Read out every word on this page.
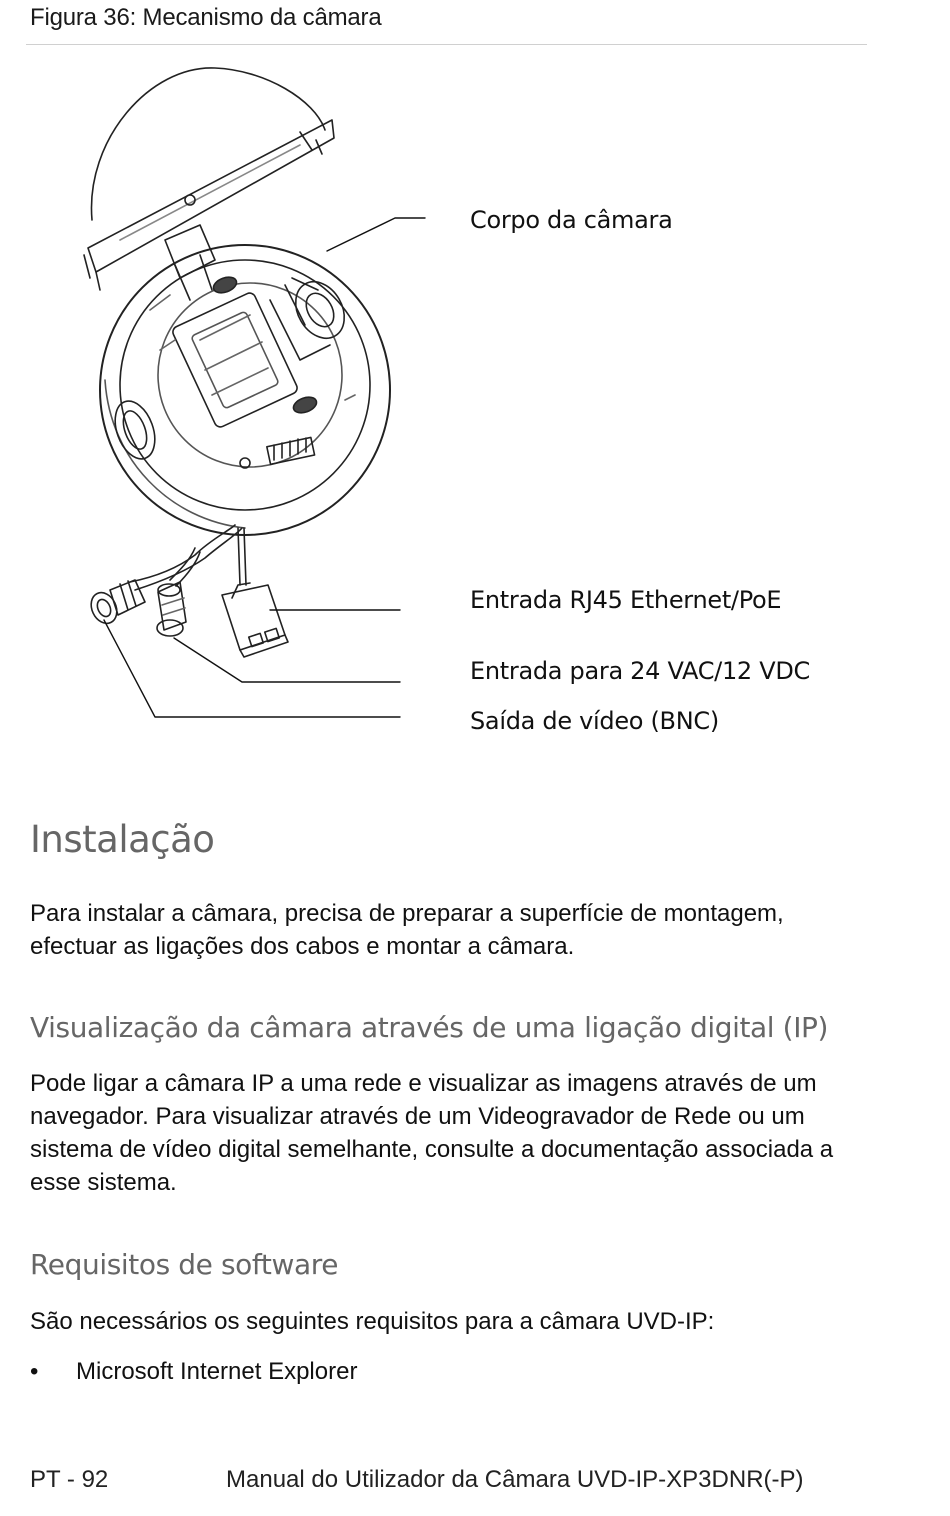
Figura 36: Mecanismo da câmara
Corpo da câmara
Entrada RJ45 Ethernet/PoE
Entrada para 24 VAC/12 VDC
Saída de vídeo (BNC)
Instalação

Para instalar a câmara, precisa de preparar a superfície de montagem, efectuar as ligações dos cabos e montar a câmara.

Visualização da câmara através de uma ligação digital (IP)

Pode ligar a câmara IP a uma rede e visualizar as imagens através de um navegador. Para visualizar através de um Videogravador de Rede ou um sistema de vídeo digital semelhante, consulte a documentação associada a esse sistema.

Requisitos de software

São necessários os seguintes requisitos para a câmara UVD-IP:

• Microsoft Internet Explorer
PT - 92	Manual do Utilizador da Câmara UVD-IP-XP3DNR(-P)
